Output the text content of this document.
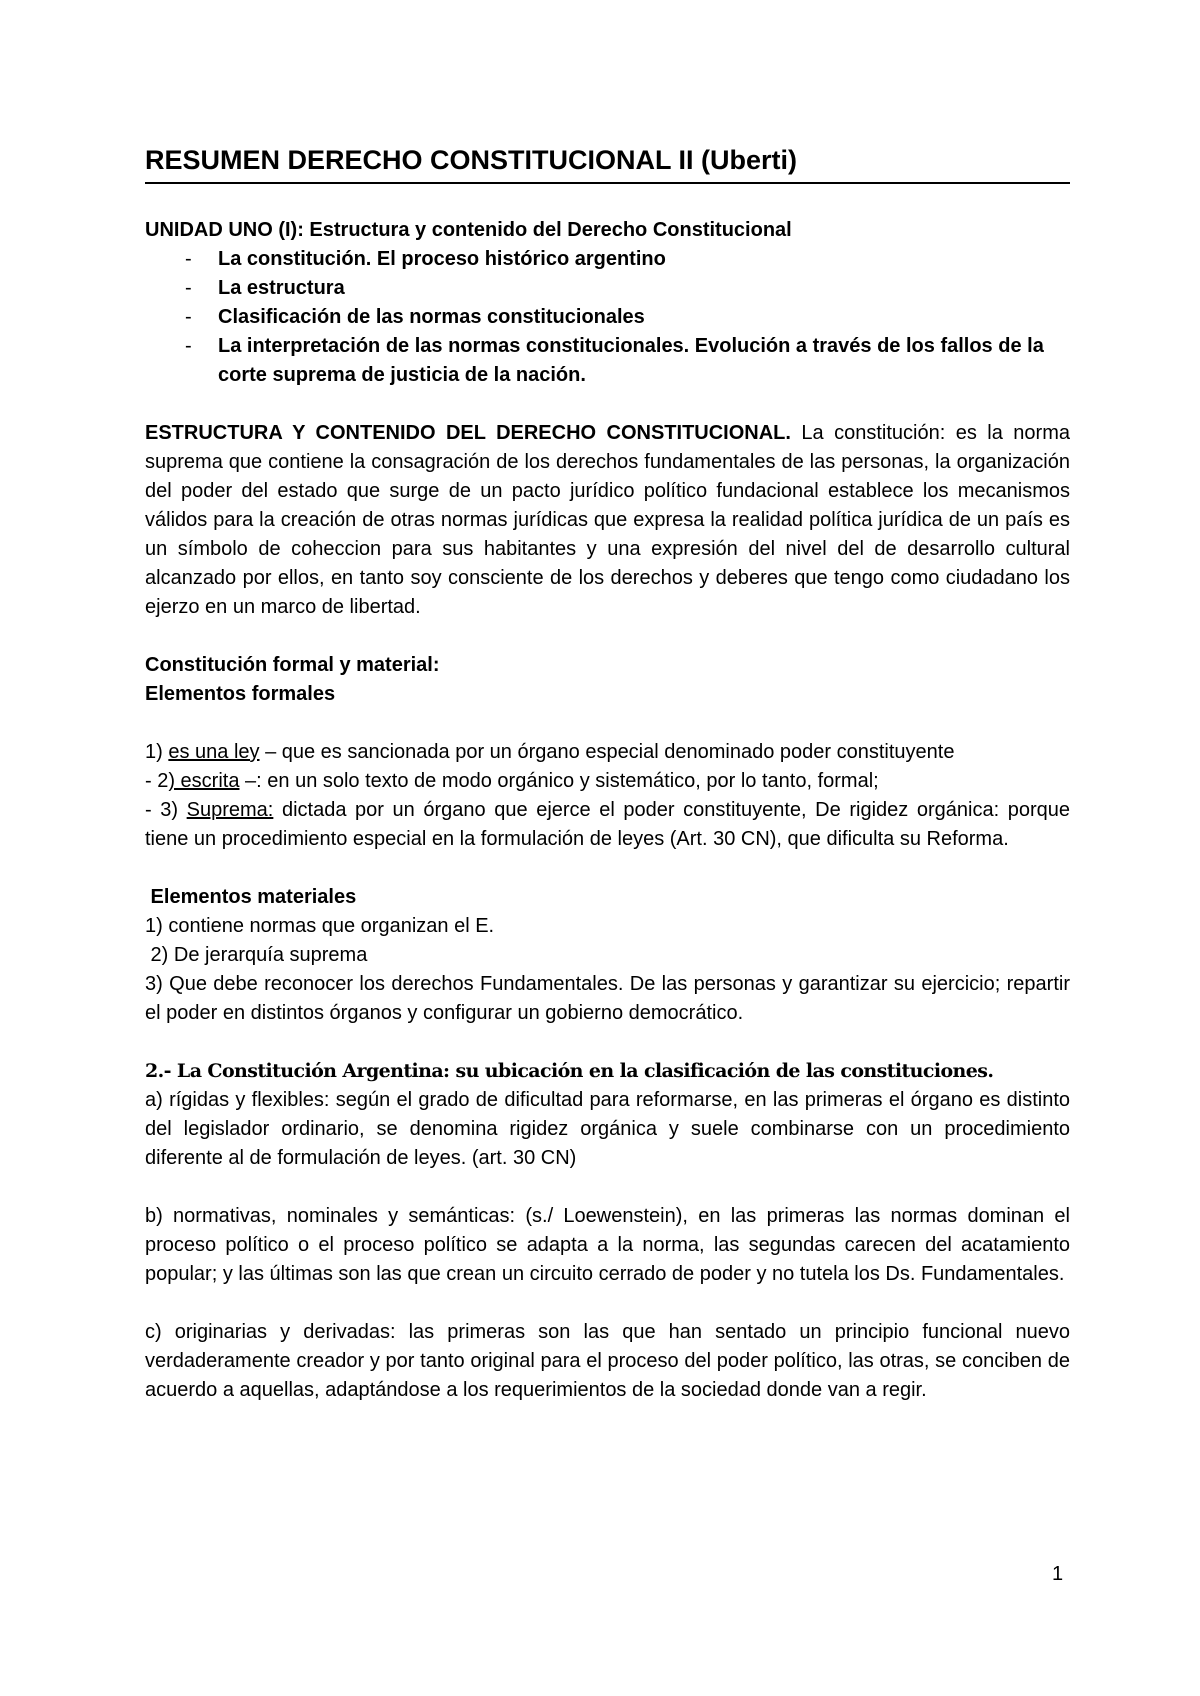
RESUMEN DERECHO CONSTITUCIONAL II (Uberti)
UNIDAD UNO (I): Estructura y contenido del Derecho Constitucional
- La constitución. El proceso histórico argentino
- La estructura
- Clasificación de las normas constitucionales
- La interpretación de las normas constitucionales. Evolución a través de los fallos de la corte suprema de justicia de la nación.

ESTRUCTURA Y CONTENIDO DEL DERECHO CONSTITUCIONAL. La constitución: es la norma suprema que contiene la consagración de los derechos fundamentales de las personas, la organización del poder del estado que surge de un pacto jurídico político fundacional establece los mecanismos válidos para la creación de otras normas jurídicas que expresa la realidad política jurídica de un país es un símbolo de coheccion para sus habitantes y una expresión del nivel del de desarrollo cultural alcanzado por ellos, en tanto soy consciente de los derechos y deberes que tengo como ciudadano los ejerzo en un marco de libertad.

Constitución formal y material:

Elementos formales

1) es una ley – que es sancionada por un órgano especial denominado poder constituyente

- 2) escrita –: en un solo texto de modo orgánico y sistemático, por lo tanto, formal;

- 3) Suprema: dictada por un órgano que ejerce el poder constituyente, De rigidez orgánica: porque tiene un procedimiento especial en la formulación de leyes (Art. 30 CN), que dificulta su Reforma.

Elementos materiales

1) contiene normas que organizan el E.

2) De jerarquía suprema

3) Que debe reconocer los derechos Fundamentales. De las personas y garantizar su ejercicio; repartir el poder en distintos órganos y configurar un gobierno democrático.

2.- La Constitución Argentina: su ubicación en la clasificación de las constituciones.

a) rígidas y flexibles: según el grado de dificultad para reformarse, en las primeras el órgano es distinto del legislador ordinario, se denomina rigidez orgánica y suele combinarse con un procedimiento diferente al de formulación de leyes. (art. 30 CN)

b) normativas, nominales y semánticas: (s./ Loewenstein), en las primeras las normas dominan el proceso político o el proceso político se adapta a la norma, las segundas carecen del acatamiento popular; y las últimas son las que crean un circuito cerrado de poder y no tutela los Ds. Fundamentales.

c) originarias y derivadas: las primeras son las que han sentado un principio funcional nuevo verdaderamente creador y por tanto original para el proceso del poder político, las otras, se conciben de acuerdo a aquellas, adaptándose a los requerimientos de la sociedad donde van a regir.

1
